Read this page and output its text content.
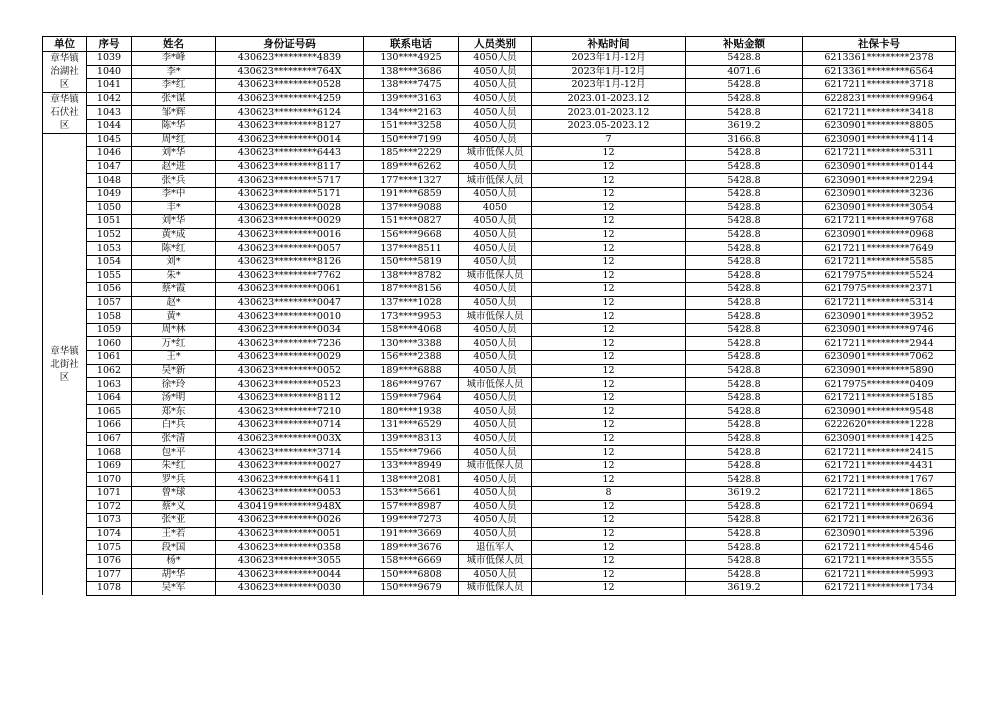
单位	序号	姓名	身份证号码	联系电话	人员类别	补贴时间	补贴金额	社保卡号

章华镇
治湖社
区	1039	李*峰	430623*********4839	130****4925	4050人员	2023年1月-12月	5428.8	6213361*********2378
	1040	李*	430623*********764X	138****3686	4050人员	2023年1月-12月	4071.6	6213361*********6564
	1041	李*红	430623*********0528	138****7475	4050人员	2023年1月-12月	5428.8	6217211*********3718

章华镇
石伏社
区	1042	张*谋	430623*********4259	139****3163	4050人员	2023.01-2023.12	5428.8	6228231*********9964
	1043	邹*辉	430623*********6124	134****2163	4050人员	2023.01-2023.12	5428.8	6217211*********3418
	1044	陈*华	430623*********8127	151****3258	4050人员	2023.05-2023.12	3619.2	6230901*********8805

章华镇
北街社
区	1045	周*红	430623*********0014	150****7199	4050人员	7	3166.8	6230901*********4114
	1046	刘*华	430623*********6443	185****2229	城市低保人员	12	5428.8	6217211*********5311
	1047	赵*进	430623*********8117	189****6262	4050人员	12	5428.8	6230901*********0144
	1048	张*兵	430623*********5717	177****1327	城市低保人员	12	5428.8	6230901*********2294
	1049	李*中	430623*********5171	191****6859	4050人员	12	5428.8	6230901*********3236
	1050	丰*	430623*********0028	137****9088	4050	12	5428.8	6230901*********3054
	1051	刘*华	430623*********0029	151****0827	4050人员	12	5428.8	6217211*********9768
	1052	黄*成	430623*********0016	156****9668	4050人员	12	5428.8	6230901*********0968
	1053	陈*红	430623*********0057	137****8511	4050人员	12	5428.8	6217211*********7649
	1054	刘*	430623*********8126	150****5819	4050人员	12	5428.8	6217211*********5585
	1055	朱*	430623*********7762	138****8782	城市低保人员	12	5428.8	6217975*********5524
	1056	蔡*霞	430623*********0061	187****8156	4050人员	12	5428.8	6217975*********2371
	1057	赵*	430623*********0047	137****1028	4050人员	12	5428.8	6217211*********5314
	1058	黄*	430623*********0010	173****9953	城市低保人员	12	5428.8	6230901*********3952
	1059	周*林	430623*********0034	158****4068	4050人员	12	5428.8	6230901*********9746
	1060	万*红	430623*********7236	130****3388	4050人员	12	5428.8	6217211*********2944
	1061	王*	430623*********0029	156****2388	4050人员	12	5428.8	6230901*********7062
	1062	吴*新	430623*********0052	189****6888	4050人员	12	5428.8	6230901*********5890
	1063	徐*玲	430623*********0523	186****9767	城市低保人员	12	5428.8	6217975*********0409
	1064	汤*明	430623*********8112	159****7964	4050人员	12	5428.8	6217211*********5185
	1065	郑*东	430623*********7210	180****1938	4050人员	12	5428.8	6230901*********9548
	1066	白*兵	430623*********0714	131****6529	4050人员	12	5428.8	6222620*********1228
	1067	张*清	430623*********003X	139****8313	4050人员	12	5428.8	6230901*********1425
	1068	包*平	430623*********3714	155****7966	4050人员	12	5428.8	6217211*********2415
	1069	朱*红	430623*********0027	133****8949	城市低保人员	12	5428.8	6217211*********4431
	1070	罗*兵	430623*********6411	138****2081	4050人员	12	5428.8	6217211*********1767
	1071	曾*球	430623*********0053	153****5661	4050人员	8	3619.2	6217211*********1865
	1072	蔡*义	430419*********948X	157****8987	4050人员	12	5428.8	6217211*********0694
	1073	张*亚	430623*********0026	199****7273	4050人员	12	5428.8	6217211*********2636
	1074	王*若	430623*********0051	191****3669	4050人员	12	5428.8	6230901*********5396
	1075	段*国	430623*********0358	189****3676	退伍军人	12	5428.8	6217211*********4546
	1076	杨*	430623*********3055	158****6669	城市低保人员	12	5428.8	6217211*********3555
	1077	胡*华	430623*********0044	150****6808	4050人员	12	5428.8	6217211*********5993
	1078	吴*军	430623*********0030	150****9679	城市低保人员	12	3619.2	6217211*********1734
